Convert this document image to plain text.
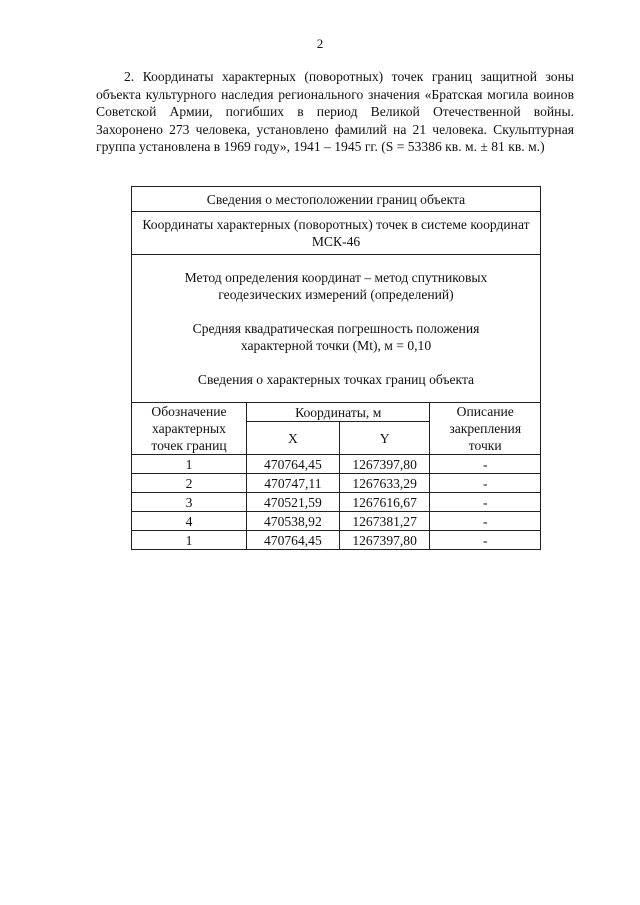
2

2. Координаты характерных (поворотных) точек границ защитной зоны объекта культурного наследия регионального значения «Братская могила воинов Советской Армии, погибших в период Великой Отечественной войны. Захоронено 273 человека, установлено фамилий на 21 человека. Скульптурная группа установлена в 1969 году», 1941 – 1945 гг. (S = 53386 кв. м. ± 81 кв. м.)

Сведения о местоположении границ объекта			
Координаты характерных (поворотных) точек в системе координат МСК-46			

Метод определения координат – метод спутниковых
геодезических измерений (определений)
Средняя квадратическая погрешность положения
характерной точки (Mt), м = 0,10
Сведения о характерных точках границ объекта			

Обозначение характерных точек границ	Координаты, м		Описание закрепления точки
	X	Y	
1	470764,45	1267397,80	-
2	470747,11	1267633,29	-
3	470521,59	1267616,67	-
4	470538,92	1267381,27	-
1	470764,45	1267397,80	-
